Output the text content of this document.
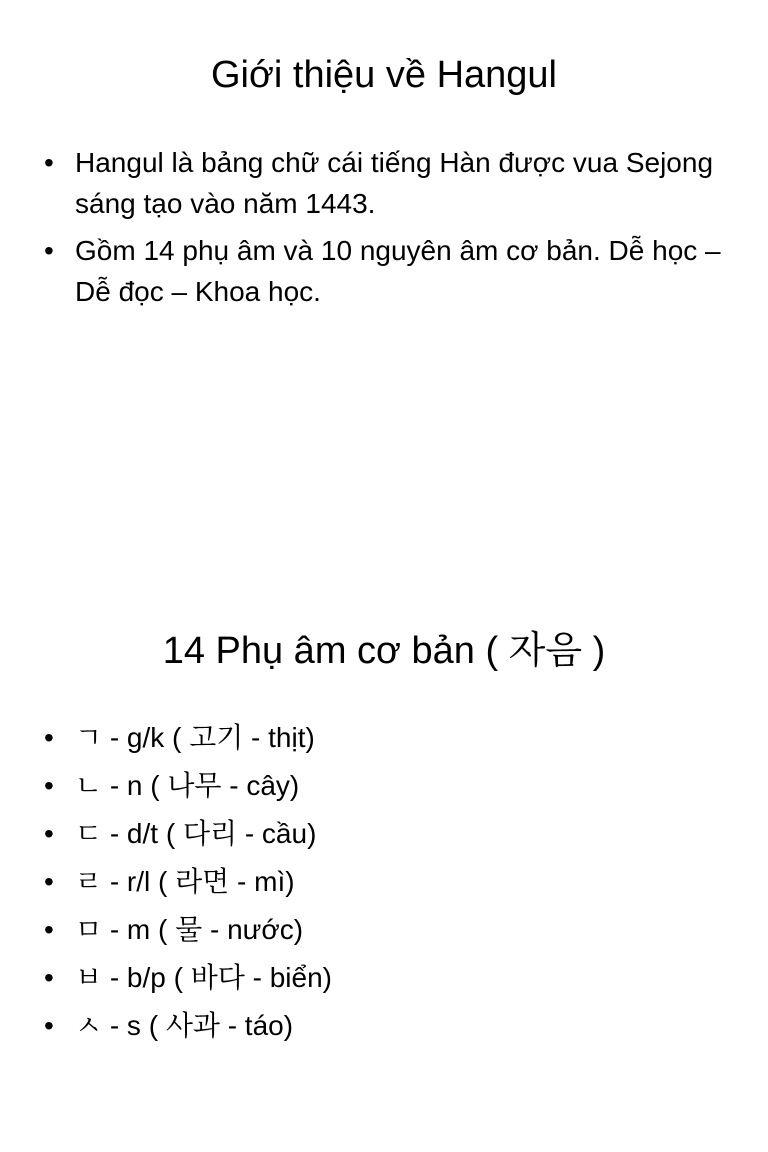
Giới thiệu về Hangul
• Hangul là bảng chữ cái tiếng Hàn được vua Sejong sáng tạo vào năm 1443.
• Gồm 14 phụ âm và 10 nguyên âm cơ bản. Dễ học – Dễ đọc – Khoa học.
14 Phụ âm cơ bản ( 자음 )
• ㄱ - g/k ( 고기 - thịt)
• ㄴ - n ( 나무 - cây)
• ㄷ - d/t ( 다리 - cầu)
• ㄹ - r/l ( 라면 - mì)
• ㅁ - m ( 물 - nước)
• ㅂ - b/p ( 바다 - biển)
• ㅅ - s ( 사과 - táo)
